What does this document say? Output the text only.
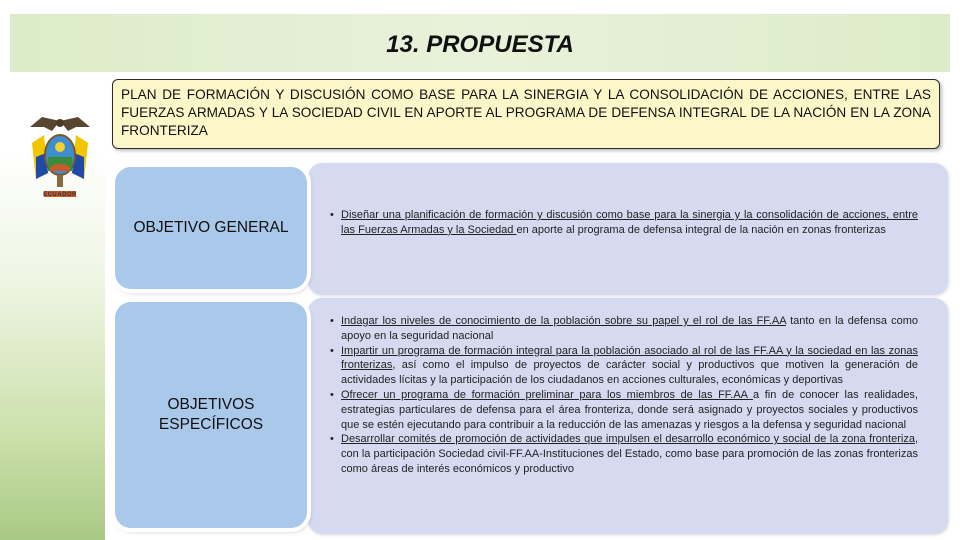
13. PROPUESTA
ECUADOR

PLAN DE FORMACIÓN Y DISCUSIÓN COMO BASE PARA LA SINERGIA Y LA CONSOLIDACIÓN DE ACCIONES, ENTRE LAS FUERZAS ARMADAS Y LA SOCIEDAD CIVIL EN APORTE AL PROGRAMA DE DEFENSA INTEGRAL DE LA NACIÓN EN LA ZONA FRONTERIZA

OBJETIVO GENERAL
OBJETIVOS
ESPECÍFICOS
• Diseñar una planificación de formación y discusión como base para la sinergia y la consolidación de acciones, entre las Fuerzas Armadas y la Sociedad en aporte al programa de defensa integral de la nación en zonas fronterizas
• Indagar los niveles de conocimiento de la población sobre su papel y el rol de las FF.AA tanto en la defensa como apoyo en la seguridad nacional
• Impartir un programa de formación integral para la población asociado al rol de las FF.AA y la sociedad en las zonas fronterizas, así como el impulso de proyectos de carácter social y productivos que motiven la generación de actividades lícitas y la participación de los ciudadanos en acciones culturales, económicas y deportivas
• Ofrecer un programa de formación preliminar para los miembros de las FF.AA a fin de conocer las realidades, estrategias particulares de defensa para el área fronteriza, donde será asignado y proyectos sociales y productivos que se estén ejecutando para contribuir a la reducción de las amenazas y riesgos a la defensa y seguridad nacional
• Desarrollar comités de promoción de actividades que impulsen el desarrollo económico y social de la zona fronteriza, con la participación Sociedad civil-FF.AA-Instituciones del Estado, como base para promoción de las zonas fronterizas como áreas de interés económicos y productivo
